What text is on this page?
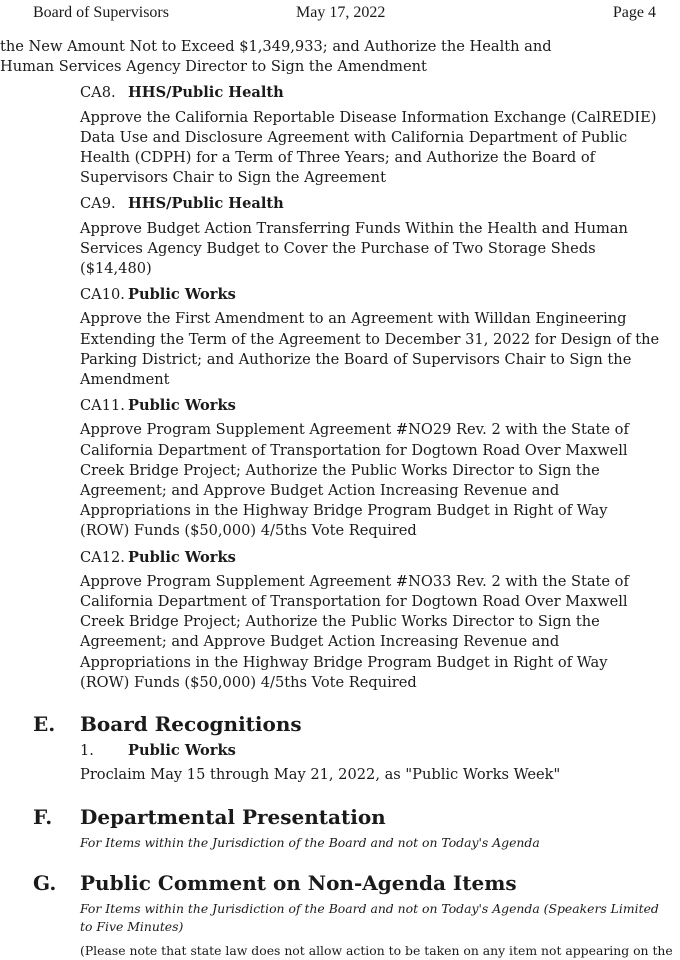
Board of Supervisors	May 17, 2022	Page 4
the New Amount Not to Exceed $1,349,933; and Authorize the Health and Human Services Agency Director to Sign the Amendment
CA8. HHS/Public Health
Approve the California Reportable Disease Information Exchange (CalREDIE) Data Use and Disclosure Agreement with California Department of Public Health (CDPH) for a Term of Three Years; and Authorize the Board of Supervisors Chair to Sign the Agreement
CA9. HHS/Public Health
Approve Budget Action Transferring Funds Within the Health and Human Services Agency Budget to Cover the Purchase of Two Storage Sheds ($14,480)
CA10. Public Works
Approve the First Amendment to an Agreement with Willdan Engineering Extending the Term of the Agreement to December 31, 2022 for Design of the Parking District; and Authorize the Board of Supervisors Chair to Sign the Amendment
CA11. Public Works
Approve Program Supplement Agreement #NO29 Rev. 2 with the State of California Department of Transportation for Dogtown Road Over Maxwell Creek Bridge Project; Authorize the Public Works Director to Sign the Agreement; and Approve Budget Action Increasing Revenue and Appropriations in the Highway Bridge Program Budget in Right of Way (ROW) Funds ($50,000) 4/5ths Vote Required
CA12. Public Works
Approve Program Supplement Agreement #NO33 Rev. 2 with the State of California Department of Transportation for Dogtown Road Over Maxwell Creek Bridge Project; Authorize the Public Works Director to Sign the Agreement; and Approve Budget Action Increasing Revenue and Appropriations in the Highway Bridge Program Budget in Right of Way (ROW) Funds ($50,000) 4/5ths Vote Required
E. Board Recognitions
1. Public Works
Proclaim May 15 through May 21, 2022, as "Public Works Week"
F. Departmental Presentation
For Items within the Jurisdiction of the Board and not on Today's Agenda
G. Public Comment on Non-Agenda Items
For Items within the Jurisdiction of the Board and not on Today's Agenda (Speakers Limited to Five Minutes)
(Please note that state law does not allow action to be taken on any item not appearing on the
